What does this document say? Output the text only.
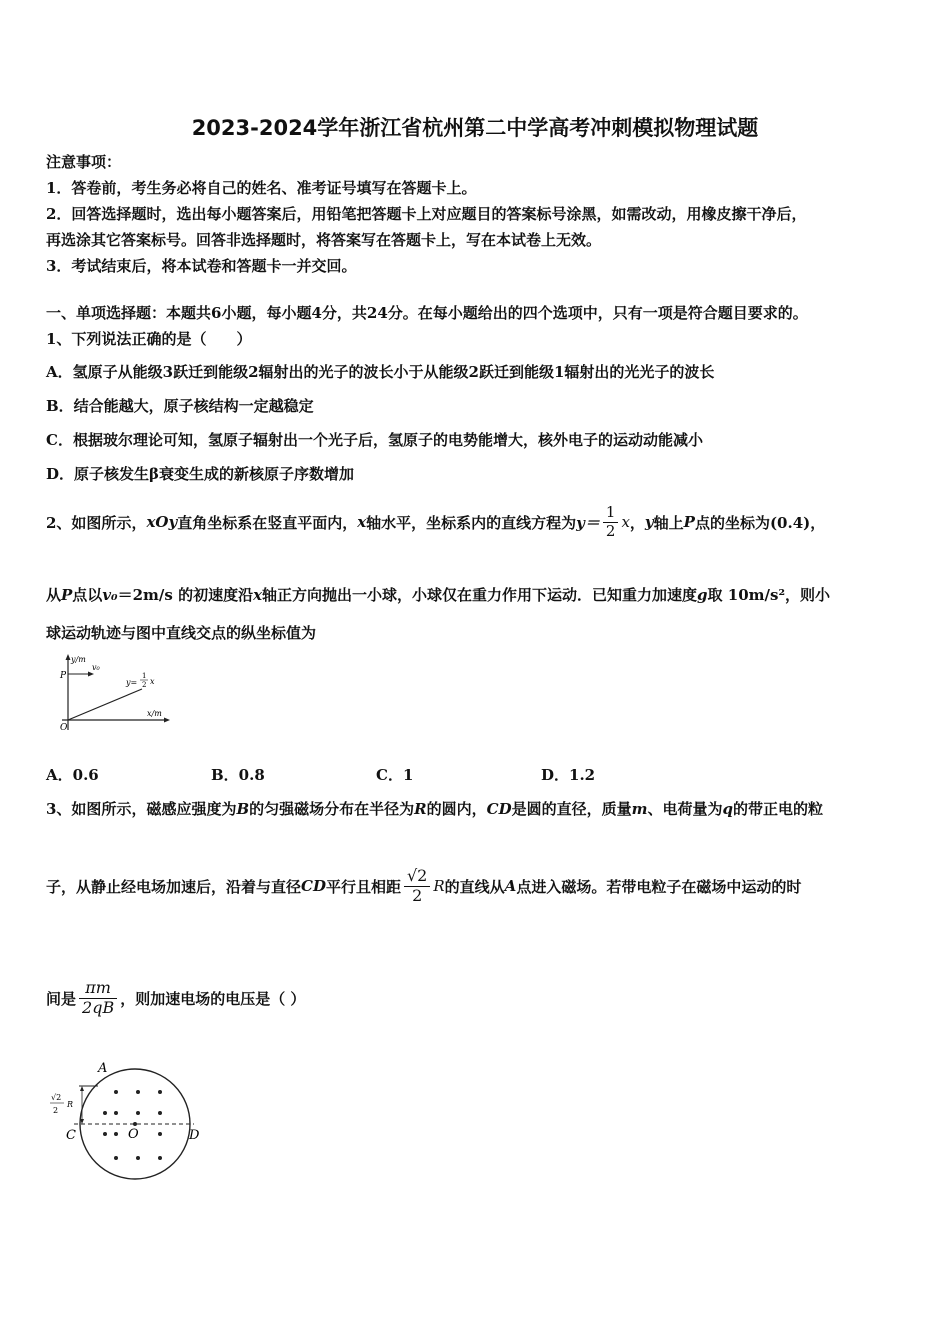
2023-2024学年浙江省杭州第二中学高考冲刺模拟物理试题
注意事项：
1．答卷前，考生务必将自己的姓名、准考证号填写在答题卡上。
2．回答选择题时，选出每小题答案后，用铅笔把答题卡上对应题目的答案标号涂黑，如需改动，用橡皮擦干净后，
再选涂其它答案标号。回答非选择题时，将答案写在答题卡上，写在本试卷上无效。
3．考试结束后，将本试卷和答题卡一并交回。
一、单项选择题：本题共6小题，每小题4分，共24分。在每小题给出的四个选项中，只有一项是符合题目要求的。
1、下列说法正确的是（　　）
A．氢原子从能级3跃迁到能级2辐射出的光子的波长小于从能级2跃迁到能级1辐射出的光光子的波长
B．结合能越大，原子核结构一定越稳定
C．根据玻尔理论可知，氢原子辐射出一个光子后，氢原子的电势能增大，核外电子的运动动能减小
D．原子核发生β衰变生成的新核原子序数增加
2、如图所示， xOy 直角坐标系在竖直平面内， x 轴水平，坐标系内的直线方程为 $y= \frac{1}{2}$ x ， y 轴上 P 点的坐标为(0.4)，
从P点以v₀＝2m/s 的初速度沿x轴正方向抛出一小球，小球仅在重力作用下运动．已知重力加速度g取 10m/s²，则小
球运动轨迹与图中直线交点的纵坐标值为
y/m
x/m
P
O
v₀
y=
1
2 x
A．0.6	B．0.8	C．1	D．1.2
3、如图所示，磁感应强度为B的匀强磁场分布在半径为R的圆内，CD是圆的直径，质量m、电荷量为q的带正电的粒
子，从静止经电场加速后，沿着与直径 CD 平行且相距 $\frac{√2}{2}$ R 的直线从 A 点进入磁场。若带电粒子在磁场中运动的时
间是 $\frac{\pi m}{2qB}$ ，则加速电场的电压是（ ）
A
C	D
O
√2
2
R
